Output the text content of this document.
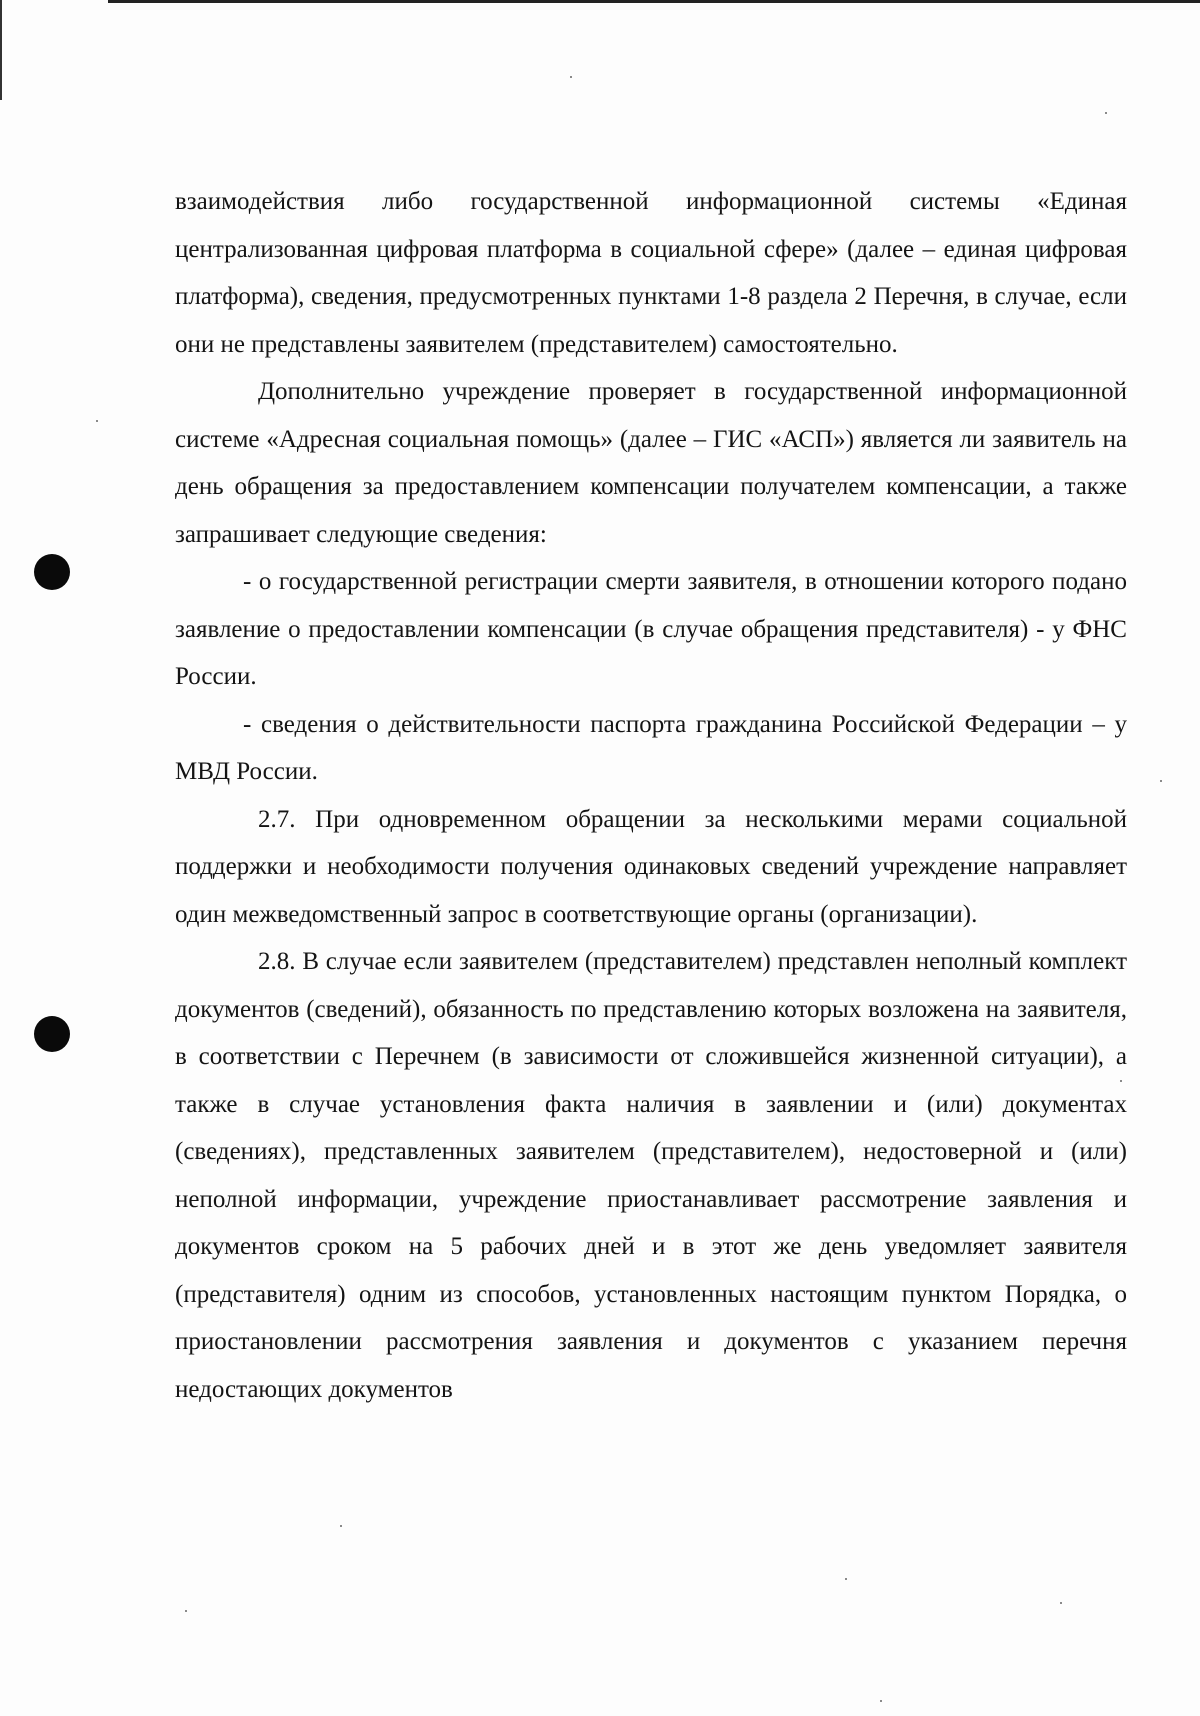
взаимодействия либо государственной информационной системы «Единая централизованная цифровая платформа в социальной сфере» (далее – единая цифровая платформа), сведения, предусмотренных пунктами 1-8 раздела 2 Перечня, в случае, если они не представлены заявителем (представителем) самостоятельно.

Дополнительно учреждение проверяет в государственной информационной системе «Адресная социальная помощь» (далее – ГИС «АСП») является ли заявитель на день обращения за предоставлением компенсации получателем компенсации, а также запрашивает следующие сведения:

- о государственной регистрации смерти заявителя, в отношении которого подано заявление о предоставлении компенсации (в случае обращения представителя) - у ФНС России.

- сведения о действительности паспорта гражданина Российской Федерации – у МВД России.

2.7. При одновременном обращении за несколькими мерами социальной поддержки и необходимости получения одинаковых сведений учреждение направляет один межведомственный запрос в соответствующие органы (организации).

2.8. В случае если заявителем (представителем) представлен неполный комплект документов (сведений), обязанность по представлению которых возложена на заявителя, в соответствии с Перечнем (в зависимости от сложившейся жизненной ситуации), а также в случае установления факта наличия в заявлении и (или) документах (сведениях), представленных заявителем (представителем), недостоверной и (или) неполной информации, учреждение приостанавливает рассмотрение заявления и документов сроком на 5 рабочих дней и в этот же день уведомляет заявителя (представителя) одним из способов, установленных настоящим пунктом Порядка, о приостановлении рассмотрения заявления и документов с указанием перечня недостающих документов
